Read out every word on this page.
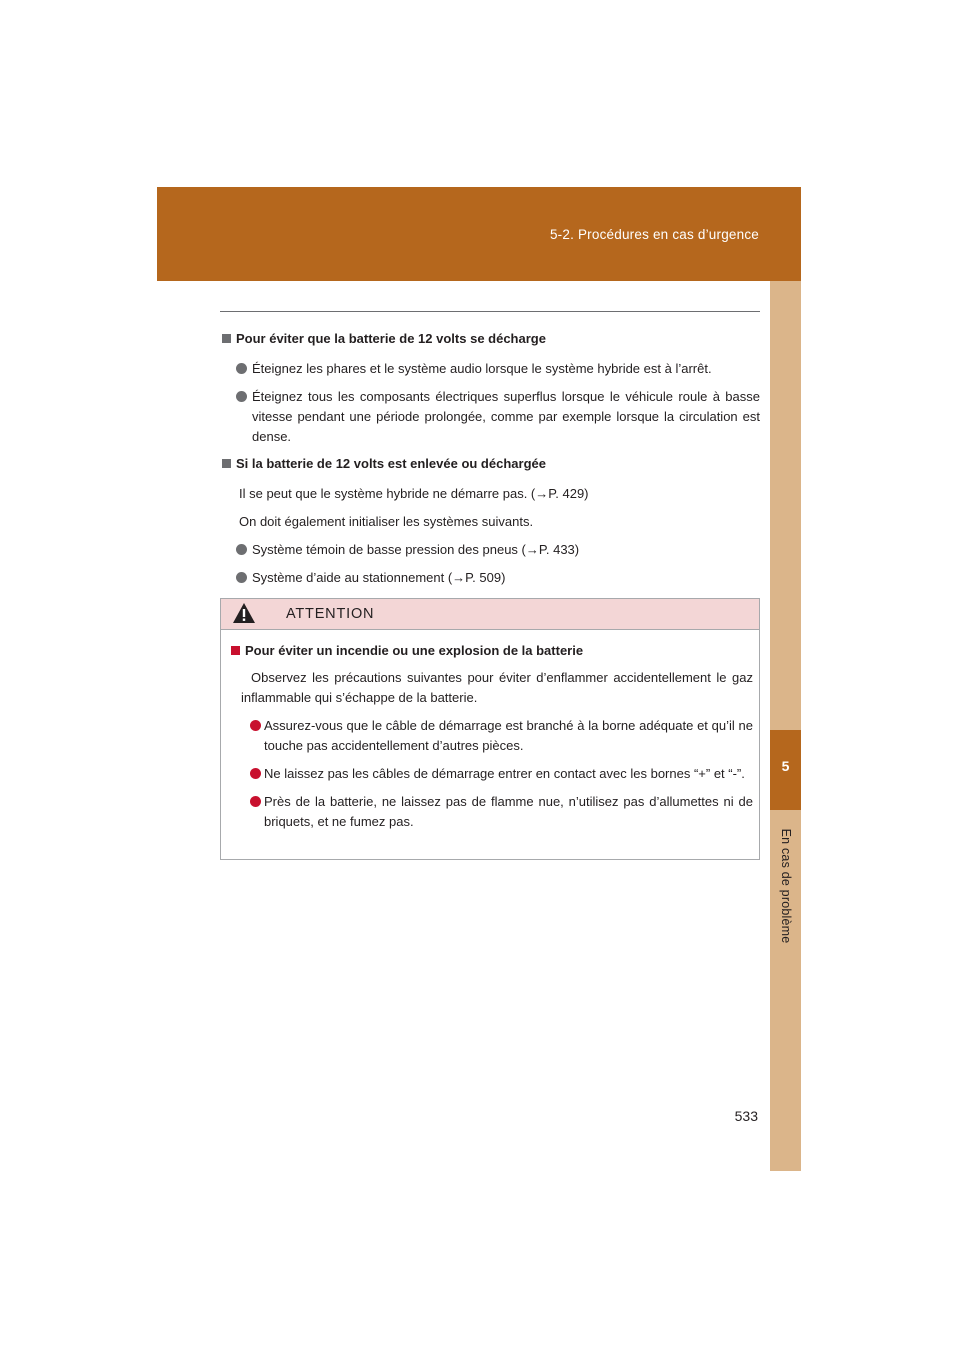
5-2. Procédures en cas d’urgence
5
En cas de problème
Pour éviter que la batterie de 12 volts se décharge
Éteignez les phares et le système audio lorsque le système hybride est à l’arrêt.
Éteignez tous les composants électriques superflus lorsque le véhicule roule à basse vitesse pendant une période prolongée, comme par exemple lorsque la circulation est dense.
Si la batterie de 12 volts est enlevée ou déchargée
Il se peut que le système hybride ne démarre pas. (→P. 429)
On doit également initialiser les systèmes suivants.
Système témoin de basse pression des pneus (→P. 433)
Système d’aide au stationnement (→P. 509)
ATTENTION
Pour éviter un incendie ou une explosion de la batterie
Observez les précautions suivantes pour éviter d’enflammer accidentellement le gaz inflammable qui s’échappe de la batterie.
Assurez-vous que le câble de démarrage est branché à la borne adéquate et qu’il ne touche pas accidentellement d’autres pièces.
Ne laissez pas les câbles de démarrage entrer en contact avec les bornes “+” et “-”.
Près de la batterie, ne laissez pas de flamme nue, n’utilisez pas d’allumettes ni de briquets, et ne fumez pas.
533
